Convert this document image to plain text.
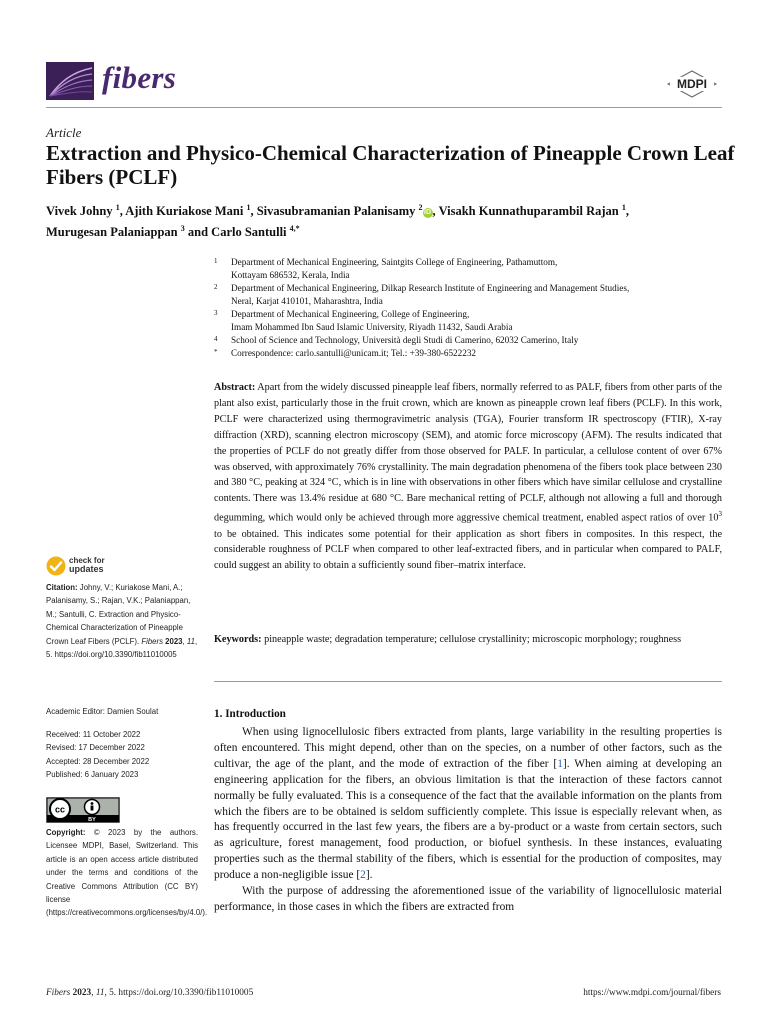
fibers	MDPI
Article
Extraction and Physico-Chemical Characterization of Pineapple Crown Leaf Fibers (PCLF)
Vivek Johny $^1$, Ajith Kuriakose Mani $^1$, Sivasubramanian Palanisamy $^2$iD , Visakh Kunnathuparambil Rajan $^1$,
Murugesan Palaniappan $^3$ and Carlo Santulli $^{4,*}$
1	Department of Mechanical Engineering, Saintgits College of Engineering, Pathamuttom,
Kottayam 686532, Kerala, India
2	Department of Mechanical Engineering, Dilkap Research Institute of Engineering and Management Studies,
Neral, Karjat 410101, Maharashtra, India
3	Department of Mechanical Engineering, College of Engineering,
Imam Mohammed Ibn Saud Islamic University, Riyadh 11432, Saudi Arabia
4	School of Science and Technology, Università degli Studi di Camerino, 62032 Camerino, Italy
*	Correspondence: carlo.santulli@unicam.it; Tel.: +39-380-6522232
Abstract: Apart from the widely discussed pineapple leaf fibers, normally referred to as PALF, fibers from other parts of the plant also exist, particularly those in the fruit crown, which are known as pineapple crown leaf fibers (PCLF). In this work, PCLF were characterized using thermogravimetric analysis (TGA), Fourier transform IR spectroscopy (FTIR), X-ray diffraction (XRD), scanning electron microscopy (SEM), and atomic force microscopy (AFM). The results indicated that the properties of PCLF do not greatly differ from those observed for PALF. In particular, a cellulose content of over 67% was observed, with approximately 76% crystallinity. The main degradation phenomena of the fibers took place between 230 and 380 °C, peaking at 324 °C, which is in line with observations in other fibers which have similar cellulose and crystalline contents. There was 13.4% residue at 680 °C. Bare mechanical retting of PCLF, although not allowing a full and thorough degumming, which would only be achieved through more aggressive chemical treatment, enabled aspect ratios of over $10^3$ to be obtained. This indicates some potential for their application as short fibers in composites. In this respect, the considerable roughness of PCLF when compared to other leaf-extracted fibers, and in particular when compared to PALF, could suggest an ability to obtain a sufficiently sound fiber–matrix interface.
Keywords: pineapple waste; degradation temperature; cellulose crystallinity; microscopic morphology; roughness
1. Introduction

When using lignocellulosic fibers extracted from plants, large variability in the resulting properties is often encountered. This might depend, other than on the species, on a number of other factors, such as the cultivar, the age of the plant, and the mode of extraction of the fiber [1]. When aiming at developing an engineering application for the fibers, an obvious limitation is that the interaction of these factors cannot normally be fully evaluated. This is a consequence of the fact that the available information on the plants from which the fibers are to be obtained is seldom sufficiently complete. This issue is especially relevant when, as has frequently occurred in the last few years, the fibers are a by-product or a waste from certain sectors, such as agriculture, forest management, food production, or biofuel synthesis. In these instances, evaluating properties such as the thermal stability of the fibers, which is essential for the production of composites, may produce a non-negligible issue [2].

With the purpose of addressing the aforementioned issue of the variability of lignocellulosic material performance, in those cases in which the fibers are extracted from

check for
updates
Citation: Johny, V.; Kuriakose Mani, A.; Palanisamy, S.; Rajan, V.K.; Palaniappan, M.; Santulli, C. Extraction and Physico-Chemical Characterization of Pineapple Crown Leaf Fibers (PCLF). Fibers 2023, 11, 5. https://doi.org/10.3390/fib11010005
Academic Editor: Damien Soulat
Received: 11 October 2022
Revised: 17 December 2022
Accepted: 28 December 2022
Published: 6 January 2023
cc
BY
Copyright: © 2023 by the authors. Licensee MDPI, Basel, Switzerland. This article is an open access article distributed under the terms and conditions of the Creative Commons Attribution (CC BY) license (https://creativecommons.org/licenses/by/4.0/).
Fibers 2023, 11, 5. https://doi.org/10.3390/fib11010005	https://www.mdpi.com/journal/fibers
